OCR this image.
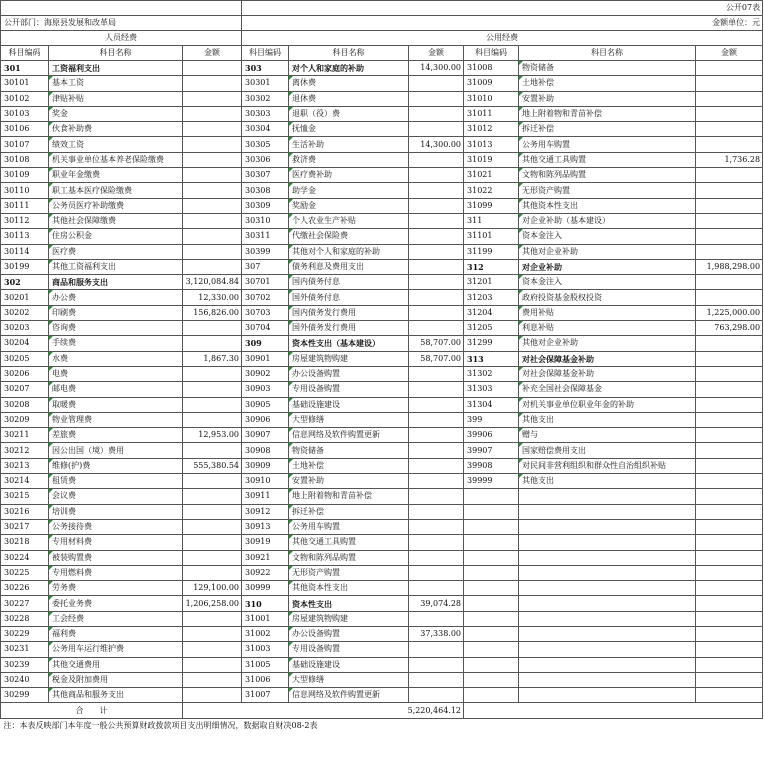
			公开07表					
公开部门：海原县发展和改革局			金额单位：元					
人员经费			公用经费					
科目编码	科目名称	金额	科目编码	科目名称	金额	科目编码	科目名称	金额
301	工资福利支出		303	对个人和家庭的补助	14,300.00	31008	物资储备	
30101	基本工资		30301	离休费		31009	土地补偿	
30102	津贴补贴		30302	退休费		31010	安置补助	
30103	奖金		30303	退职（役）费		31011	地上附着物和青苗补偿	
30106	伙食补助费		30304	抚恤金		31012	拆迁补偿	
30107	绩效工资		30305	生活补助	14,300.00	31013	公务用车购置	
30108	机关事业单位基本养老保险缴费		30306	救济费		31019	其他交通工具购置	1,736.28
30109	职业年金缴费		30307	医疗费补助		31021	文物和陈列品购置	
30110	职工基本医疗保险缴费		30308	助学金		31022	无形资产购置	
30111	公务员医疗补助缴费		30309	奖励金		31099	其他资本性支出	
30112	其他社会保障缴费		30310	个人农业生产补贴		311	对企业补助（基本建设）	
30113	住房公积金		30311	代缴社会保险费		31101	资本金注入	
30114	医疗费		30399	其他对个人和家庭的补助		31199	其他对企业补助	
30199	其他工资福利支出		307	债务利息及费用支出		312	对企业补助	1,988,298.00
302	商品和服务支出	3,120,084.84	30701	国内债务付息		31201	资本金注入	
30201	办公费	12,330.00	30702	国外债务付息		31203	政府投资基金股权投资	
30202	印刷费	156,826.00	30703	国内债务发行费用		31204	费用补贴	1,225,000.00
30203	咨询费		30704	国外债务发行费用		31205	利息补贴	763,298.00
30204	手续费		309	资本性支出（基本建设）	58,707.00	31299	其他对企业补助	
30205	水费	1,867.30	30901	房屋建筑物购建	58,707.00	313	对社会保障基金补助	
30206	电费		30902	办公设备购置		31302	对社会保障基金补助	
30207	邮电费		30903	专用设备购置		31303	补充全国社会保障基金	
30208	取暖费		30905	基础设施建设		31304	对机关事业单位职业年金的补助	
30209	物业管理费		30906	大型修缮		399	其他支出	
30211	差旅费	12,953.00	30907	信息网络及软件购置更新		39906	赠与	
30212	因公出国（境）费用		30908	物资储备		39907	国家赔偿费用支出	
30213	维修(护)费	555,380.54	30909	土地补偿		39908	对民间非营利组织和群众性自治组织补贴	
30214	租赁费		30910	安置补助		39999	其他支出	
30215	会议费		30911	地上附着物和青苗补偿				
30216	培训费		30912	拆迁补偿				
30217	公务接待费		30913	公务用车购置				
30218	专用材料费		30919	其他交通工具购置				
30224	被装购置费		30921	文物和陈列品购置				
30225	专用燃料费		30922	无形资产购置				
30226	劳务费	129,100.00	30999	其他资本性支出				
30227	委托业务费	1,206,258.00	310	资本性支出	39,074.28			
30228	工会经费		31001	房屋建筑物购建				
30229	福利费		31002	办公设备购置	37,338.00			
30231	公务用车运行维护费		31003	专用设备购置				
30239	其他交通费用		31005	基础设施建设				
30240	税金及附加费用		31006	大型修缮				
30299	其他商品和服务支出		31007	信息网络及软件购置更新				
合　　计		5,220,464.12						
注：本表反映部门本年度一般公共预算财政拨款项目支出明细情况，数据取自财决08-2表								
